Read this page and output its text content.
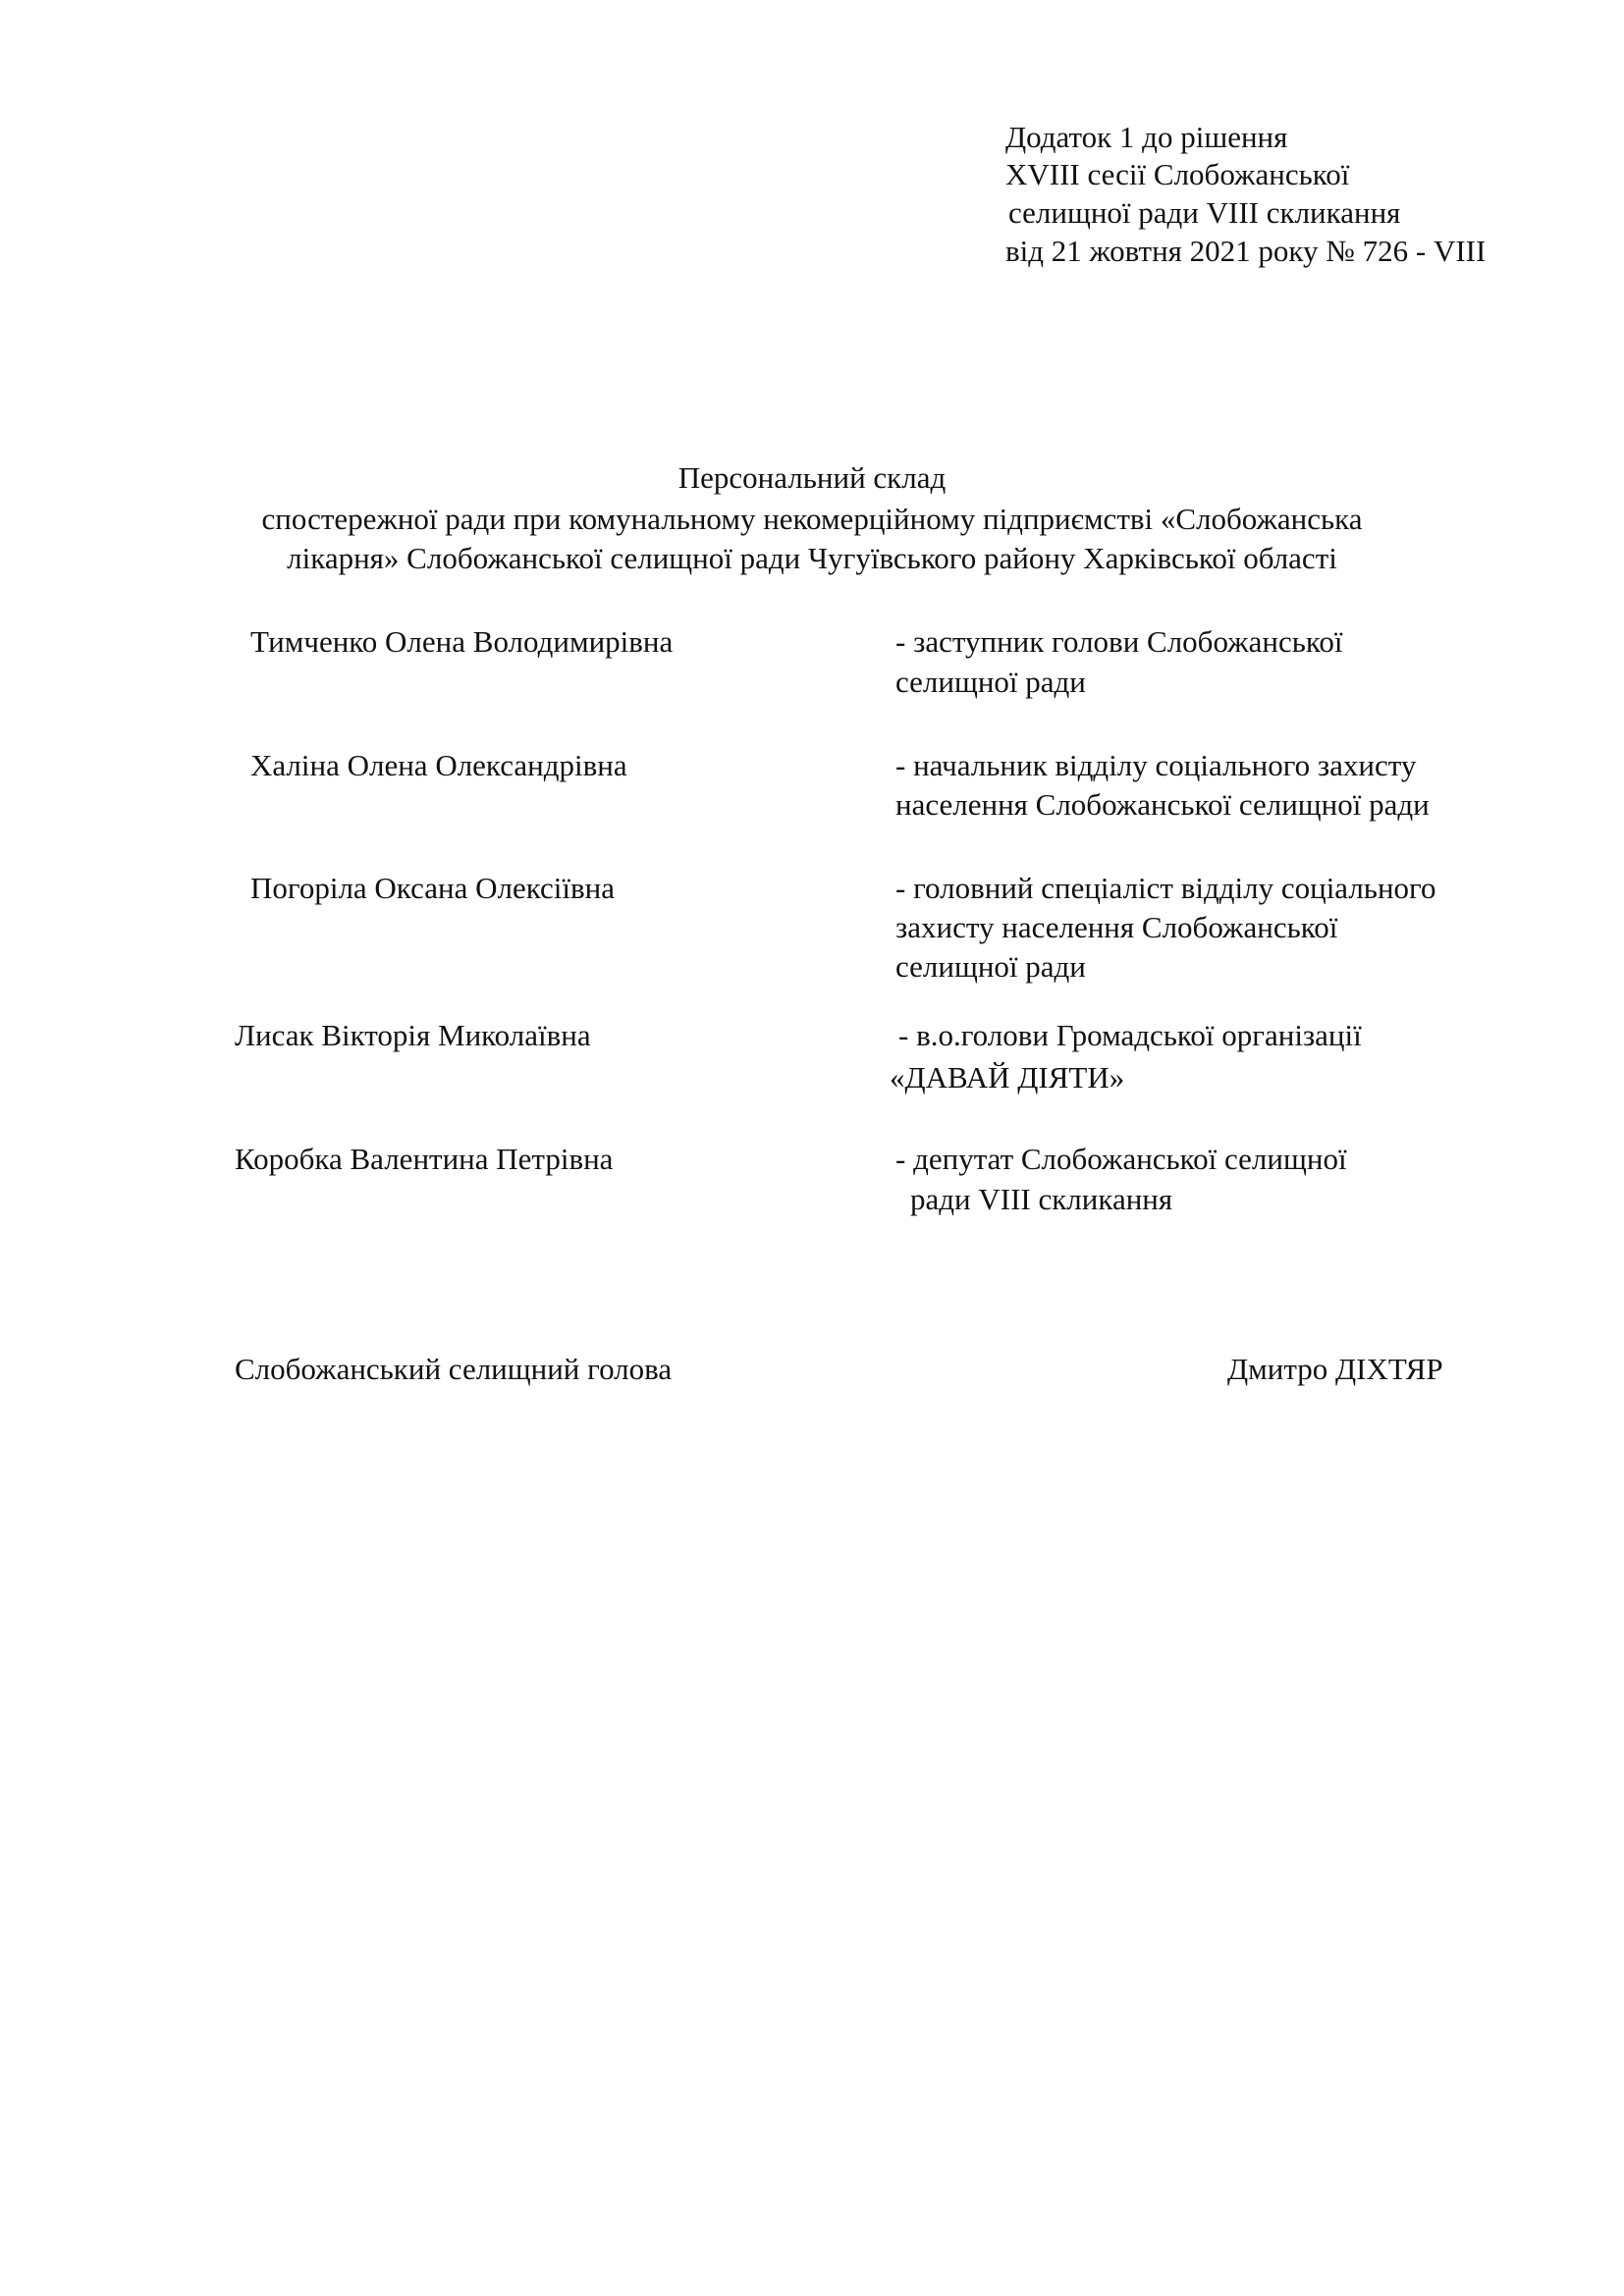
Додаток 1 до рішення
XVIII сесії Слобожанської
селищної ради VIII скликання
від 21 жовтня 2021 року № 726 - VIII
Персональний склад
спостережної ради при комунальному некомерційному підприємстві «Слобожанська
лікарня» Слобожанської селищної ради Чугуївського району Харківської області
Тимченко Олена Володимирівна	- заступник голови Слобожанської
селищної ради
Халіна Олена Олександрівна	- начальник відділу соціального захисту
населення Слобожанської селищної ради
Погоріла Оксана Олексіївна	- головний спеціаліст відділу соціального
захисту населення Слобожанської
селищної ради
Лисак Вікторія Миколаївна	- в.о.голови Громадської організації
«ДАВАЙ ДІЯТИ»
Коробка Валентина Петрівна	- депутат Слобожанської селищної
ради VIII скликання
Слобожанський селищний голова	Дмитро ДІХТЯР
